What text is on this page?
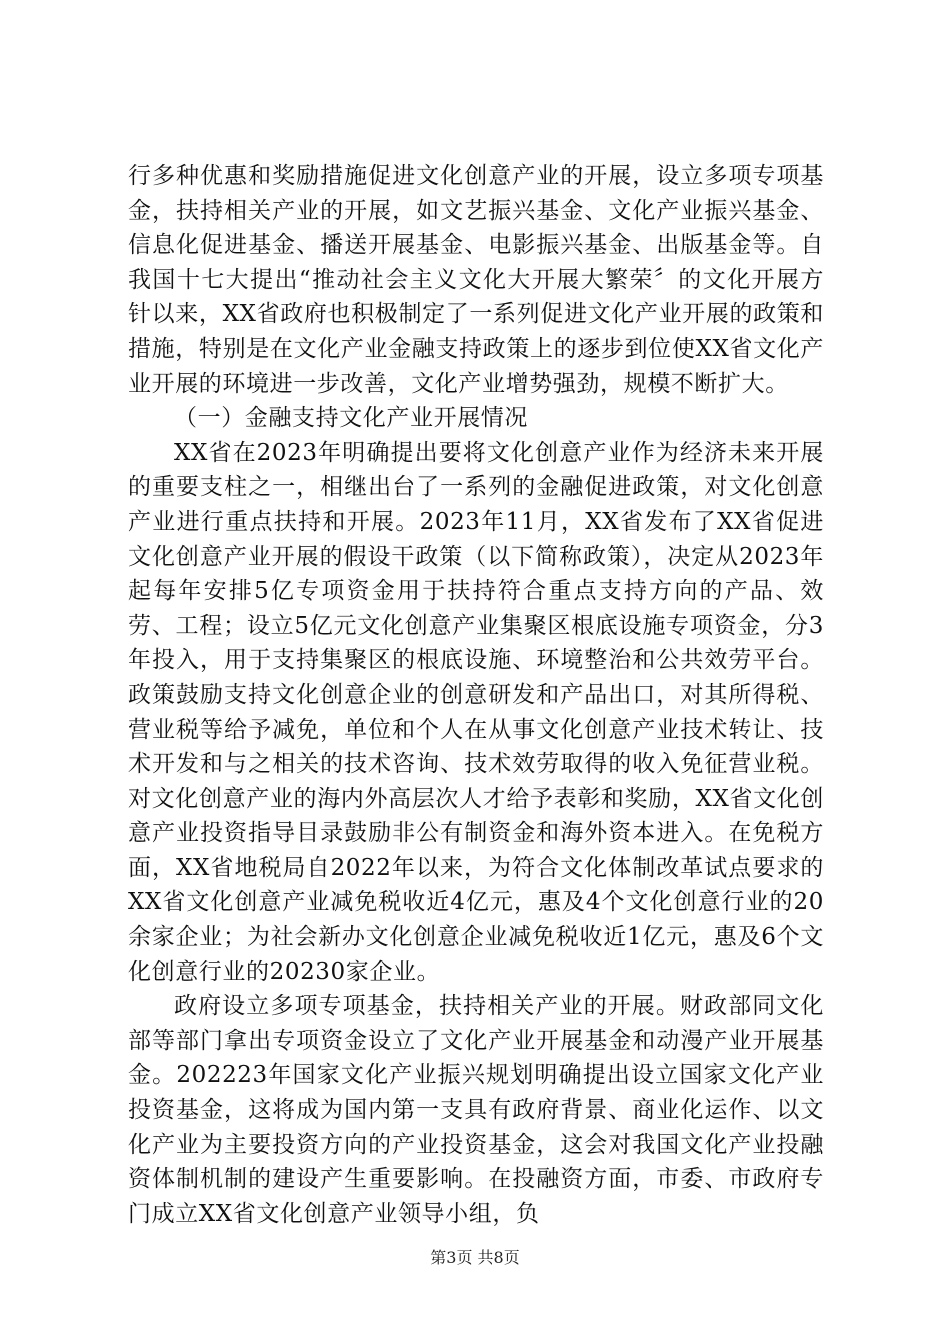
行多种优惠和奖励措施促进文化创意产业的开展，设立多项专项基金，扶持相关产业的开展，如文艺振兴基金、文化产业振兴基金、信息化促进基金、播送开展基金、电影振兴基金、出版基金等。自我国十七大提出“推动社会主义文化大开展大繁荣〞的文化开展方针以来，XX省政府也积极制定了一系列促进文化产业开展的政策和措施，特别是在文化产业金融支持政策上的逐步到位使XX省文化产业开展的环境进一步改善，文化产业增势强劲，规模不断扩大。

（一）金融支持文化产业开展情况

XX省在2023年明确提出要将文化创意产业作为经济未来开展的重要支柱之一，相继出台了一系列的金融促进政策，对文化创意产业进行重点扶持和开展。2023年11月，XX省发布了XX省促进文化创意产业开展的假设干政策（以下简称政策），决定从2023年起每年安排5亿专项资金用于扶持符合重点支持方向的产品、效劳、工程；设立5亿元文化创意产业集聚区根底设施专项资金，分3年投入，用于支持集聚区的根底设施、环境整治和公共效劳平台。政策鼓励支持文化创意企业的创意研发和产品出口，对其所得税、营业税等给予减免，单位和个人在从事文化创意产业技术转让、技术开发和与之相关的技术咨询、技术效劳取得的收入免征营业税。对文化创意产业的海内外高层次人才给予表彰和奖励，XX省文化创意产业投资指导目录鼓励非公有制资金和海外资本进入。在免税方面，XX省地税局自2022年以来，为符合文化体制改革试点要求的XX省文化创意产业减免税收近4亿元，惠及4个文化创意行业的20余家企业；为社会新办文化创意企业减免税收近1亿元，惠及6个文化创意行业的20230家企业。

政府设立多项专项基金，扶持相关产业的开展。财政部同文化部等部门拿出专项资金设立了文化产业开展基金和动漫产业开展基金。202223年国家文化产业振兴规划明确提出设立国家文化产业投资基金，这将成为国内第一支具有政府背景、商业化运作、以文化产业为主要投资方向的产业投资基金，这会对我国文化产业投融资体制机制的建设产生重要影响。在投融资方面，市委、市政府专门成立XX省文化创意产业领导小组，负

第3页 共8页
